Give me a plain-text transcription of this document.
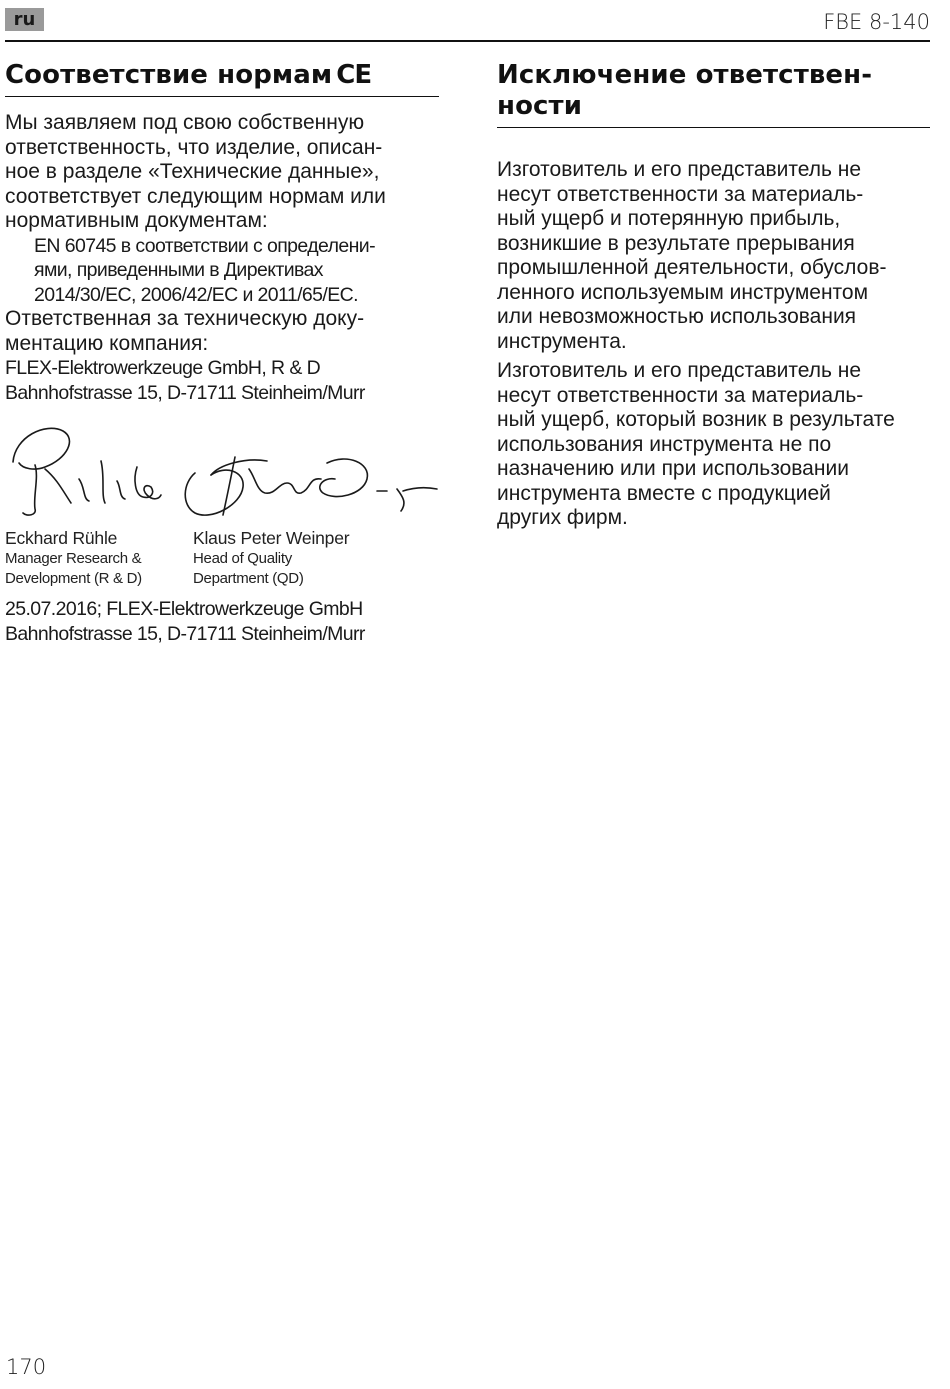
ru	FBE 8-140
Соответствие нормам CE

Мы заявляем под свою собственную
ответственность, что изделие, описан-
ное в разделе «Технические данные»,
соответствует следующим нормам или
нормативным документам:

EN 60745 в соответствии с определени-
ями, приведенными в Директивах
2014/30/EC, 2006/42/EC и 2011/65/EC.

Ответственная за техническую доку-
ментацию компания:

FLEX-Elektrowerkzeuge GmbH, R & D
Bahnhofstrasse 15, D-71711 Steinheim/Murr

Eckhard Rühle
Manager Research &
Development (R & D)
Klaus Peter Weinper
Head of Quality
Department (QD)

25.07.2016; FLEX-Elektrowerkzeuge GmbH
Bahnhofstrasse 15, D-71711 Steinheim/Murr

Исключение ответствен-
ности

Изготовитель и его представитель не
несут ответственности за материаль-
ный ущерб и потерянную прибыль,
возникшие в результате прерывания
промышленной деятельности, обуслов-
ленного используемым инструментом
или невозможностью использования
инструмента.

Изготовитель и его представитель не
несут ответственности за материаль-
ный ущерб, который возник в результате
использования инструмента не по
назначению или при использовании
инструмента вместе с продукцией
других фирм.

170
